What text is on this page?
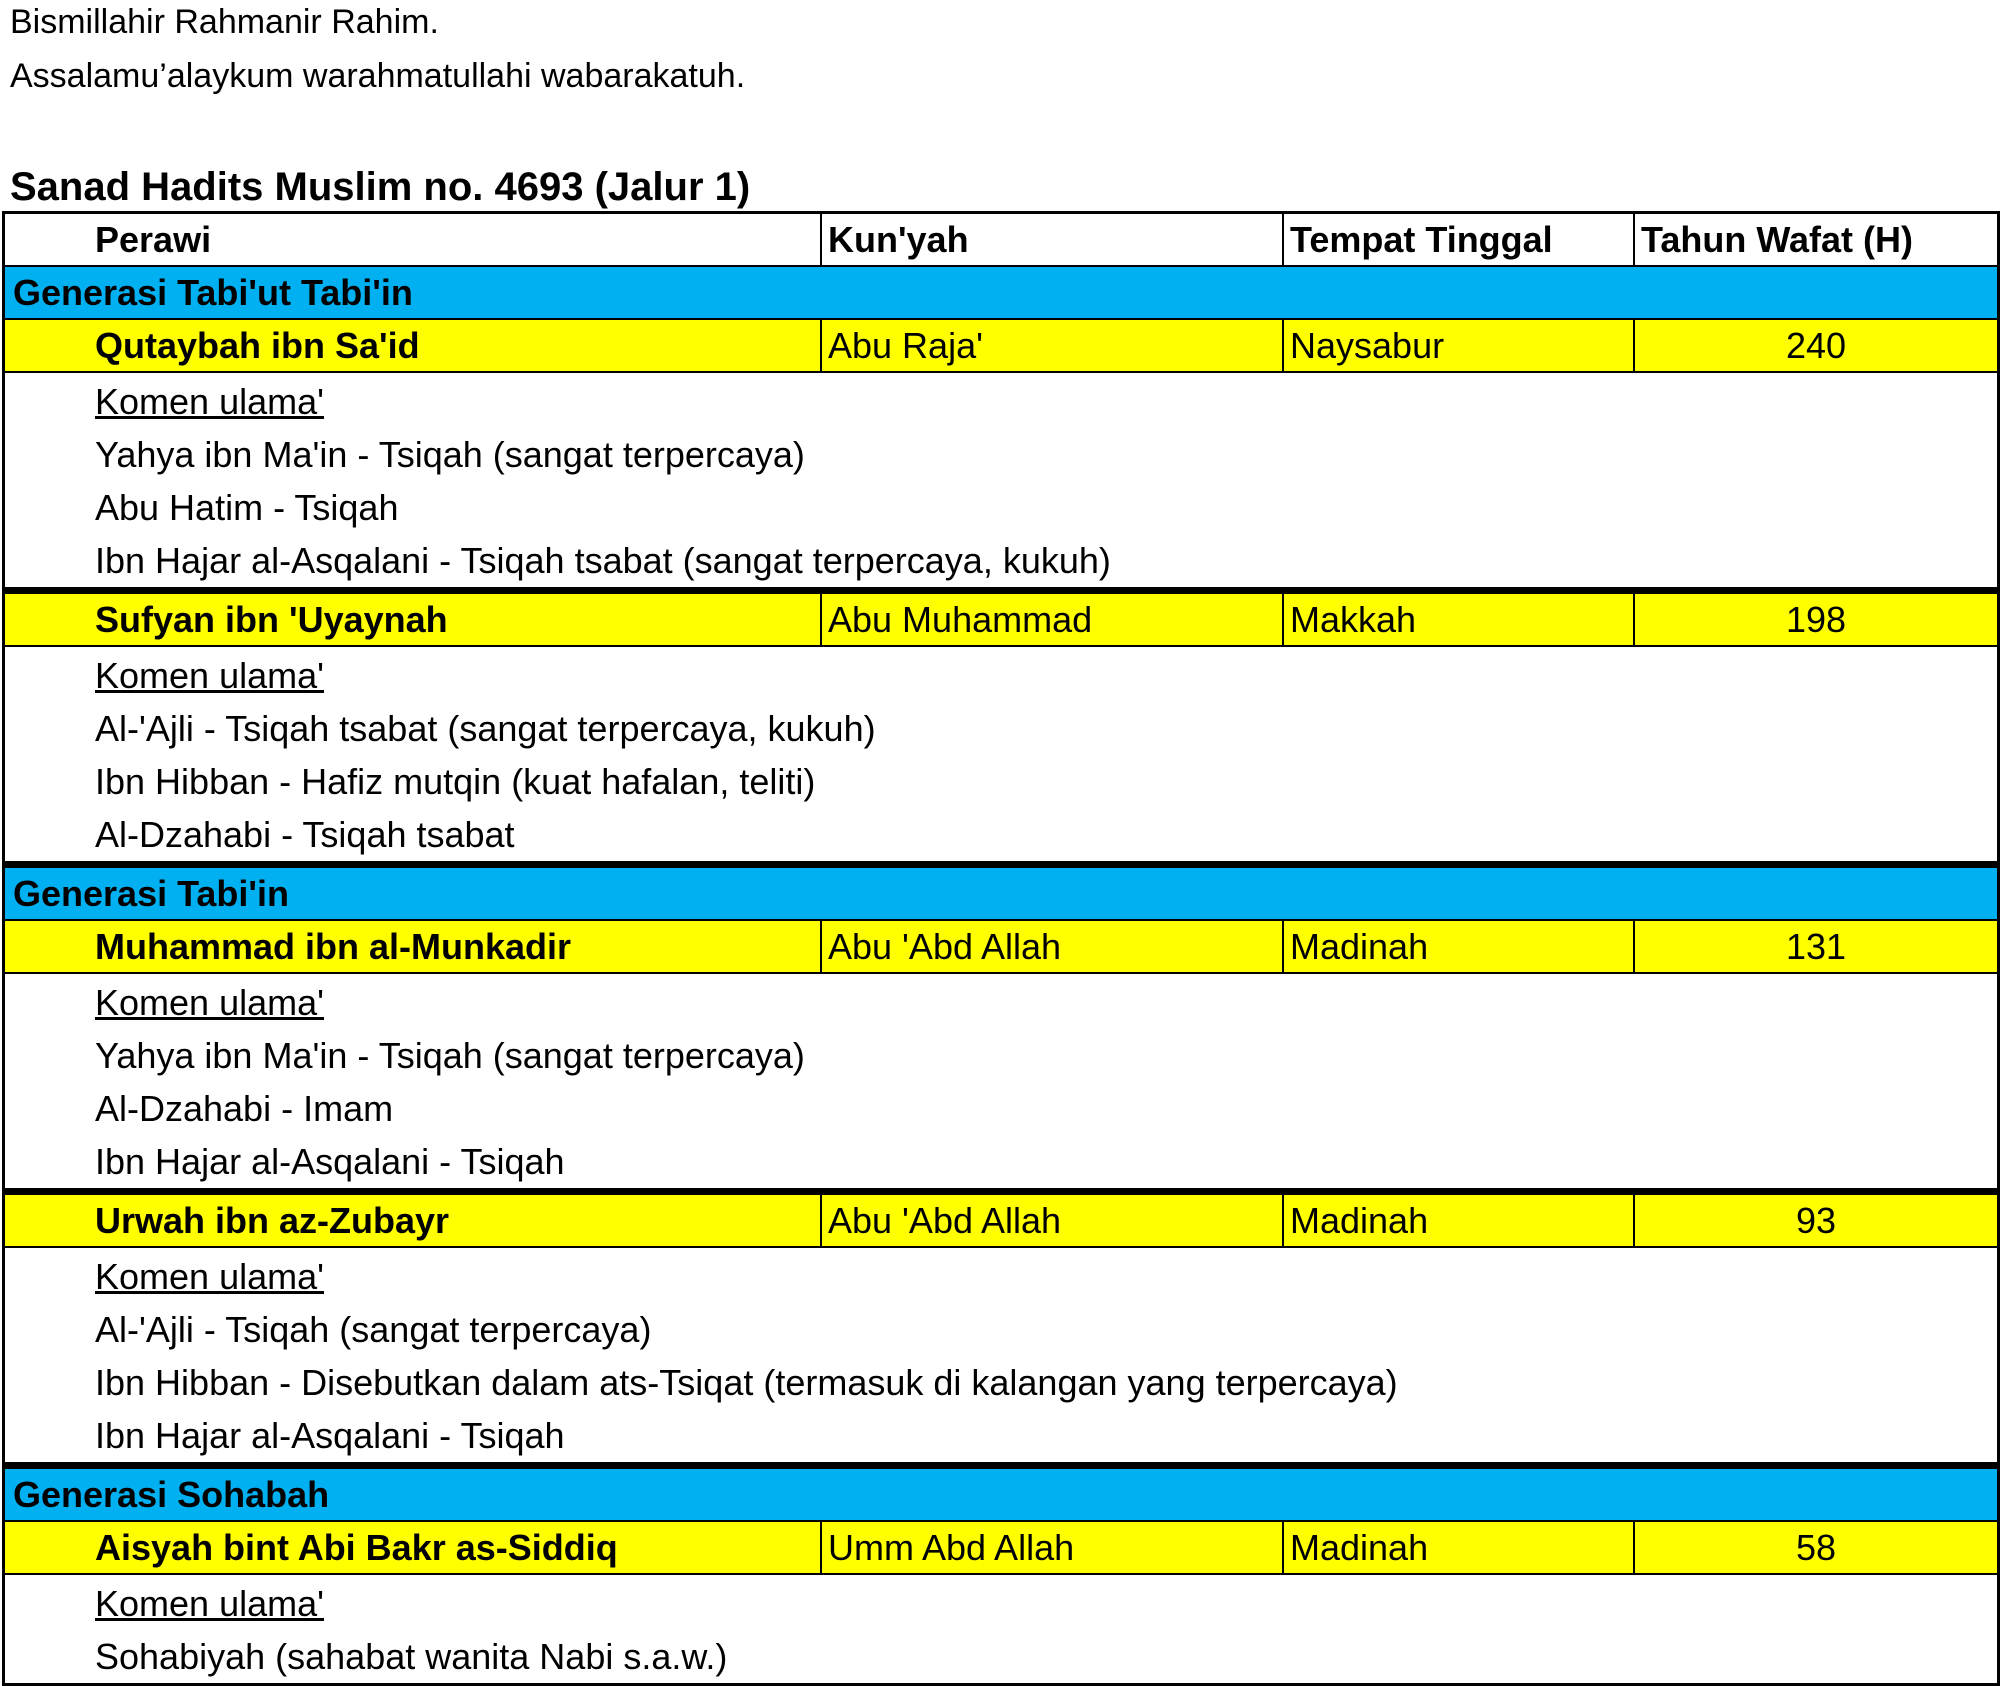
Bismillahir Rahmanir Rahim.
Assalamu’alaykum warahmatullahi wabarakatuh.
Sanad Hadits Muslim no. 4693 (Jalur 1)
Perawi	Kun'yah	Tempat Tinggal	Tahun Wafat (H)
Generasi Tabi'ut Tabi'in
Qutaybah ibn Sa'id	Abu Raja'	Naysabur	240
Komen ulama'
Yahya ibn Ma'in - Tsiqah (sangat terpercaya)
Abu Hatim - Tsiqah
Ibn Hajar al-Asqalani - Tsiqah tsabat (sangat terpercaya, kukuh)
Sufyan ibn 'Uyaynah	Abu Muhammad	Makkah	198
Komen ulama'
Al-'Ajli - Tsiqah tsabat (sangat terpercaya, kukuh)
Ibn Hibban - Hafiz mutqin (kuat hafalan, teliti)
Al-Dzahabi - Tsiqah tsabat
Generasi Tabi'in
Muhammad ibn al-Munkadir	Abu 'Abd Allah	Madinah	131
Komen ulama'
Yahya ibn Ma'in - Tsiqah (sangat terpercaya)
Al-Dzahabi - Imam
Ibn Hajar al-Asqalani - Tsiqah
Urwah ibn az-Zubayr	Abu 'Abd Allah	Madinah	93
Komen ulama'
Al-'Ajli - Tsiqah (sangat terpercaya)
Ibn Hibban - Disebutkan dalam ats-Tsiqat (termasuk di kalangan yang terpercaya)
Ibn Hajar al-Asqalani - Tsiqah
Generasi Sohabah
Aisyah bint Abi Bakr as-Siddiq	Umm Abd Allah	Madinah	58
Komen ulama'
Sohabiyah (sahabat wanita Nabi s.a.w.)
